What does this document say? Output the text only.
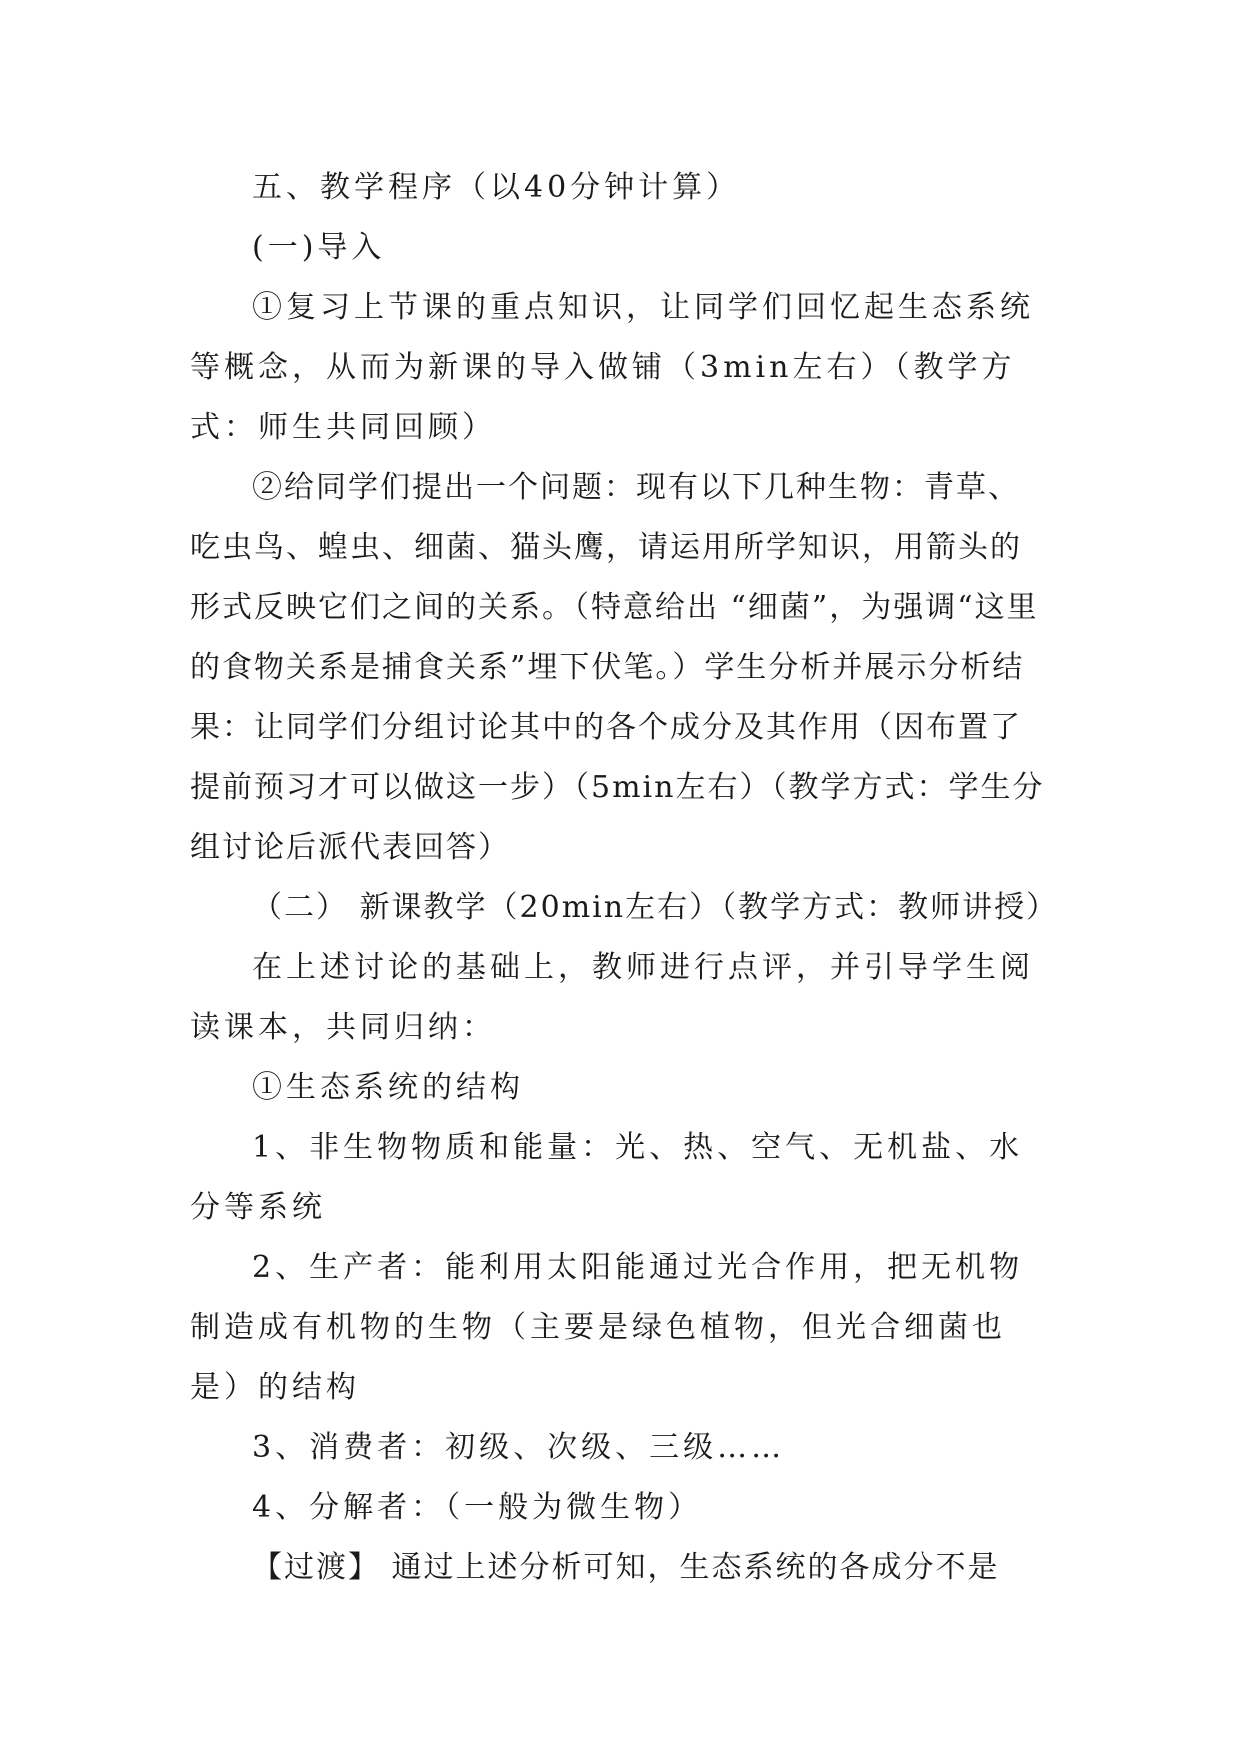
五、教学程序（以40分钟计算）

(一)导入

①复习上节课的重点知识，让同学们回忆起生态系统等概念，从而为新课的导入做铺（3min左右）（教学方式：师生共同回顾）

②给同学们提出一个问题：现有以下几种生物：青草、吃虫鸟、蝗虫、细菌、猫头鹰，请运用所学知识，用箭头的形式反映它们之间的关系。（特意给出 “细菌”，为强调“这里的食物关系是捕食关系”埋下伏笔。）学生分析并展示分析结果：让同学们分组讨论其中的各个成分及其作用（因布置了提前预习才可以做这一步）（5min左右）（教学方式：学生分组讨论后派代表回答）

（二） 新课教学（20min左右）（教学方式：教师讲授）

在上述讨论的基础上，教师进行点评，并引导学生阅读课本，共同归纳：

①生态系统的结构

1、非生物物质和能量：光、热、空气、无机盐、水分等系统

2、生产者：能利用太阳能通过光合作用，把无机物制造成有机物的生物（主要是绿色植物，但光合细菌也是）的结构

3、消费者：初级、次级、三级……

4、分解者：（一般为微生物）

【过渡】 通过上述分析可知，生态系统的各成分不是
